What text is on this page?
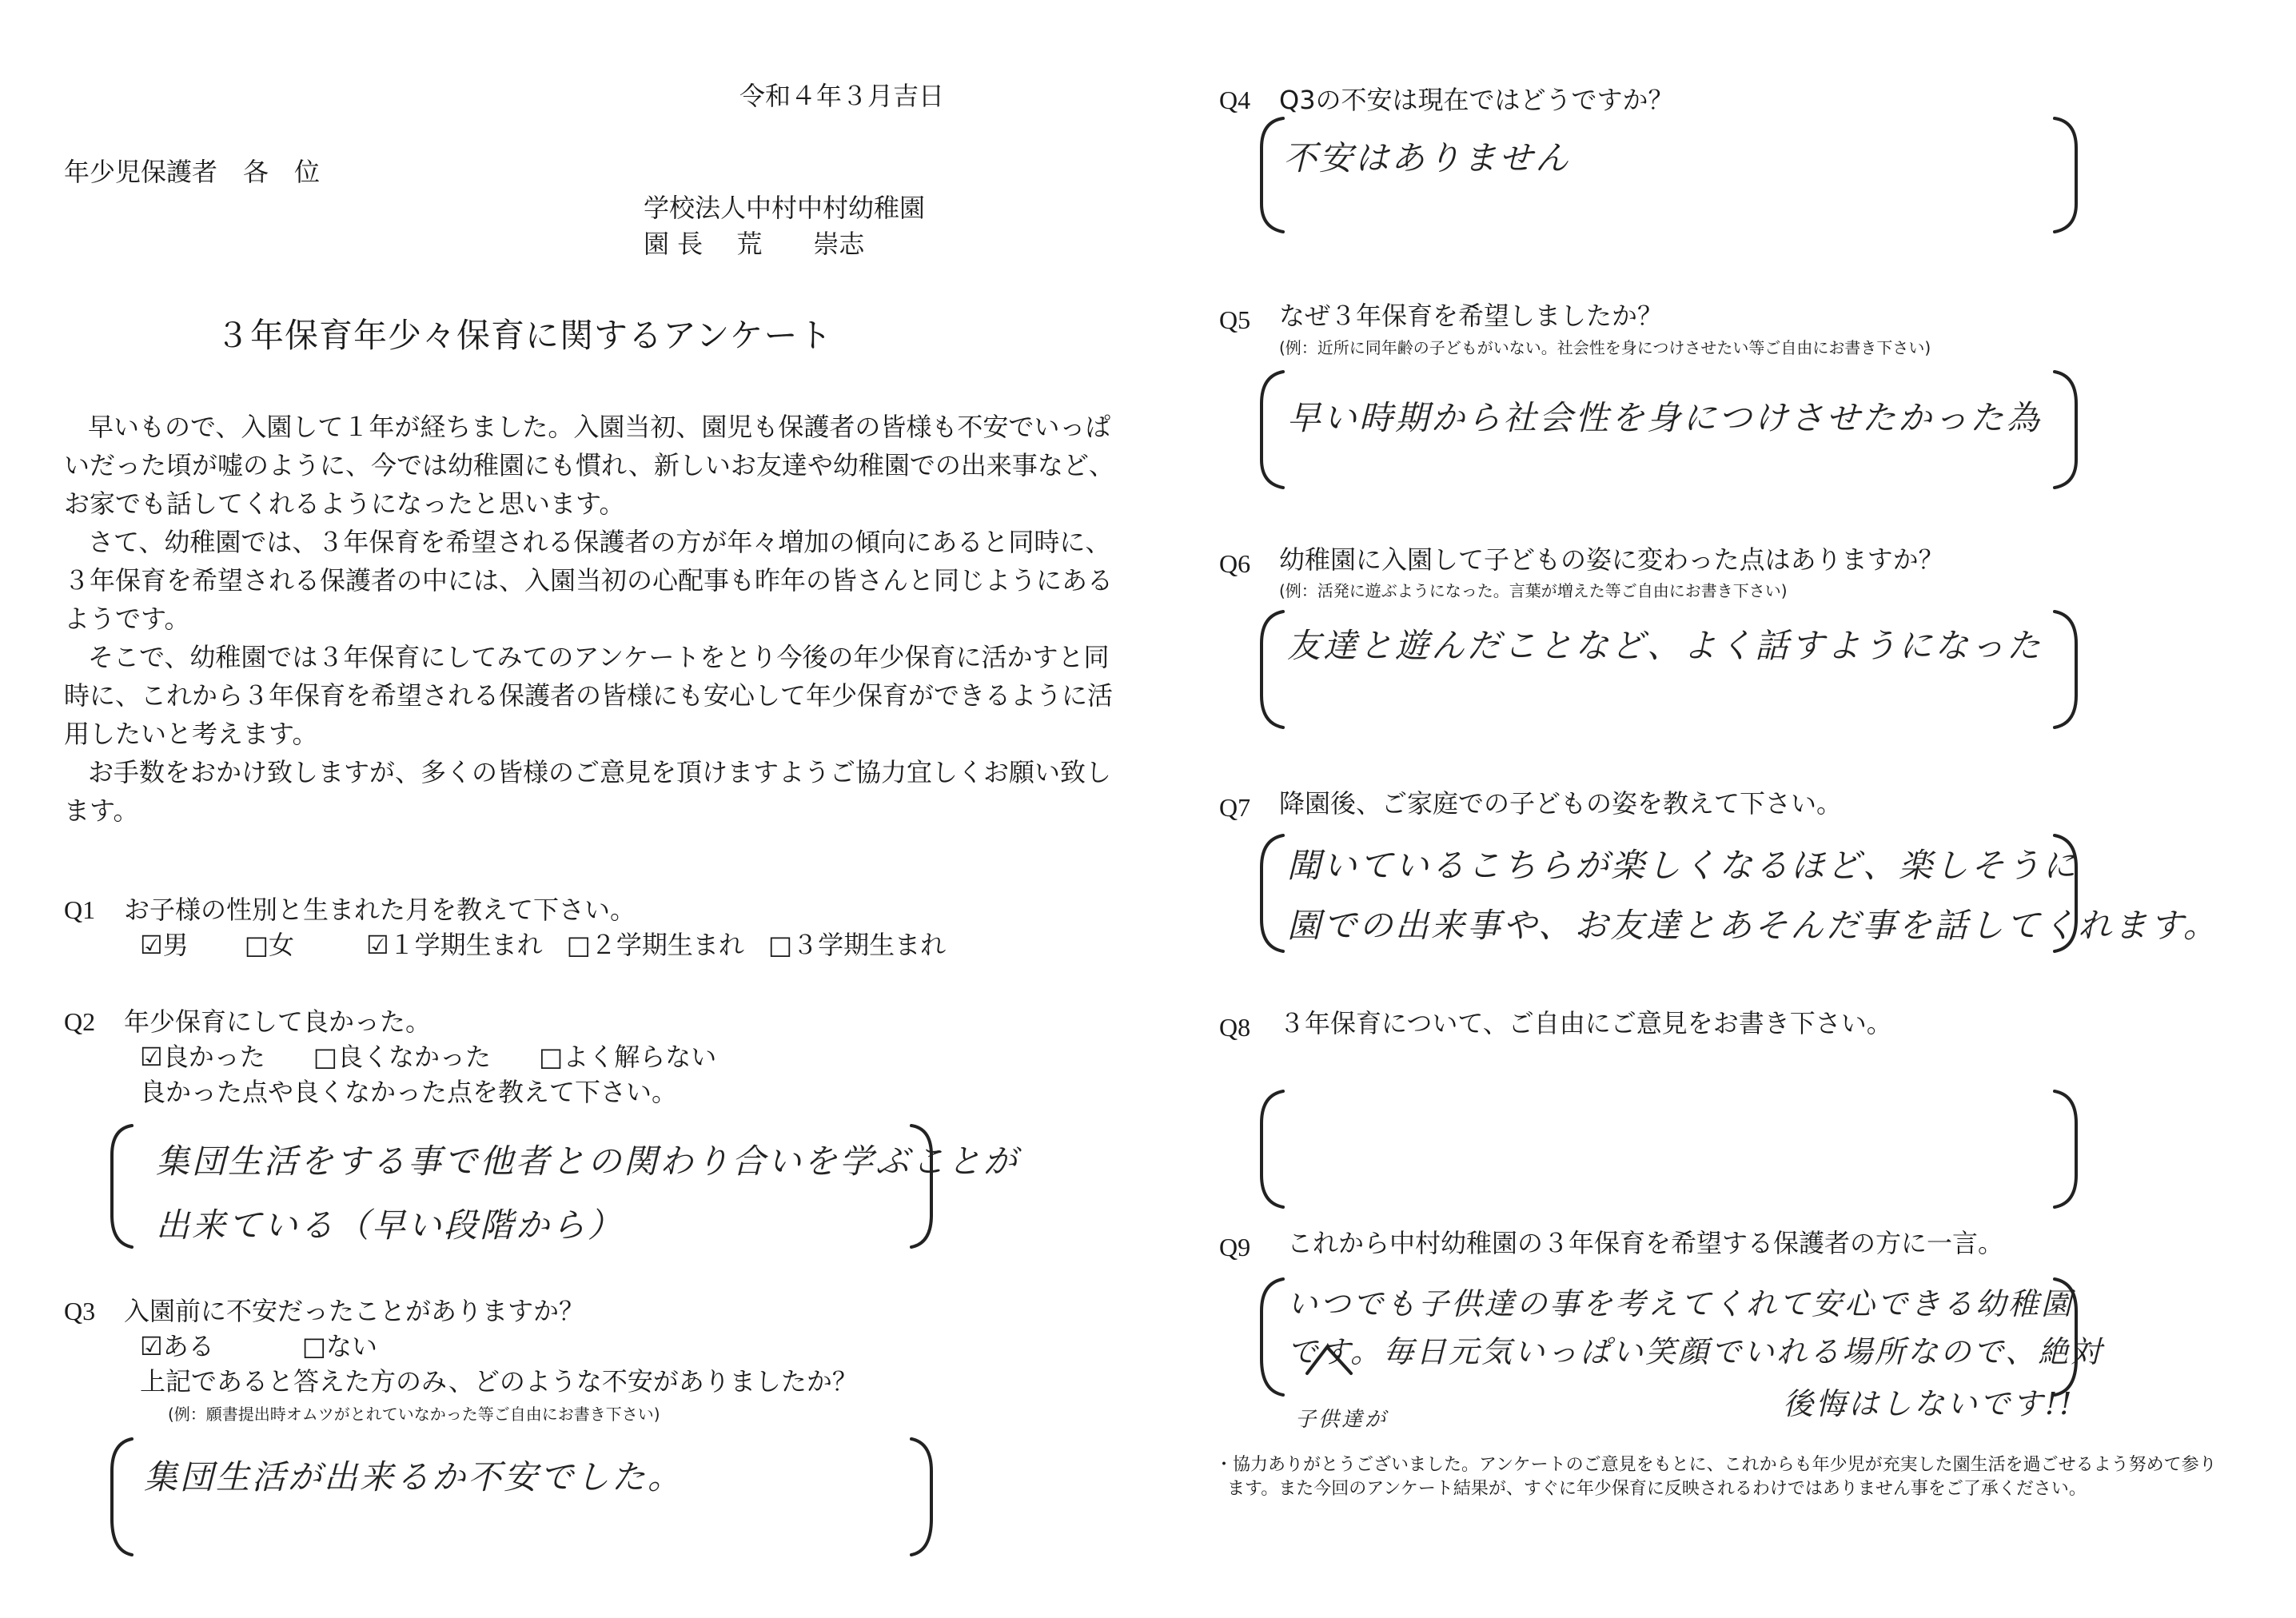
令和４年３月吉日
年少児保護者　各　位
学校法人中村中村幼稚園
園 長　 荒　　崇志
３年保育年少々保育に関するアンケート

早いもので、入園して１年が経ちました。入園当初、園児も保護者の皆様も不安でいっぱ

いだった頃が嘘のように、今では幼稚園にも慣れ、新しいお友達や幼稚園での出来事など、

お家でも話してくれるようになったと思います。

さて、幼稚園では、３年保育を希望される保護者の方が年々増加の傾向にあると同時に、

３年保育を希望される保護者の中には、入園当初の心配事も昨年の皆さんと同じようにある

ようです。

そこで、幼稚園では３年保育にしてみてのアンケートをとり今後の年少保育に活かすと同

時に、これから３年保育を希望される保護者の皆様にも安心して年少保育ができるように活

用したいと考えます。

お手数をおかけ致しますが、多くの皆様のご意見を頂けますようご協力宜しくお願い致し

ます。

Q1 お子様の性別と生まれた月を教えて下さい。
☑男 □女	☑１学期生まれ □２学期生まれ □３学期生まれ
Q2 年少保育にして良かった。
☑良かった □良くなかった □よく解らない
良かった点や良くなかった点を教えて下さい。
集団生活をする事で他者との関わり合いを学ぶことが
出来ている（早い段階から）
Q3 入園前に不安だったことがありますか？
☑ある	□ない
上記であると答えた方のみ、どのような不安がありましたか？
(例：願書提出時オムツがとれていなかった等ご自由にお書き下さい)
集団生活が出来るか不安でした。
Q4 Q3の不安は現在ではどうですか？
不安はありません
Q5 なぜ３年保育を希望しましたか？
(例：近所に同年齢の子どもがいない。社会性を身につけさせたい等ご自由にお書き下さい)
早い時期から社会性を身につけさせたかった為
Q6 幼稚園に入園して子どもの姿に変わった点はありますか？
(例：活発に遊ぶようになった。言葉が増えた等ご自由にお書き下さい)
友達と遊んだことなど、よく話すようになった
Q7 降園後、ご家庭での子どもの姿を教えて下さい。
聞いているこちらが楽しくなるほど、楽しそうに
園での出来事や、お友達とあそんだ事を話してくれます。
Q8 ３年保育について、ご自由にご意見をお書き下さい。
Q9 これから中村幼稚園の３年保育を希望する保護者の方に一言。
いつでも子供達の事を考えてくれて安心できる幼稚園
です。毎日元気いっぱい笑顔でいれる場所なので、絶対
後悔はしないです!!
子供達が
・協力ありがとうございました。アンケートのご意見をもとに、これからも年少児が充実した園生活を過ごせるよう努めて参り
ます。また今回のアンケート結果が、すぐに年少保育に反映されるわけではありません事をご了承ください。
